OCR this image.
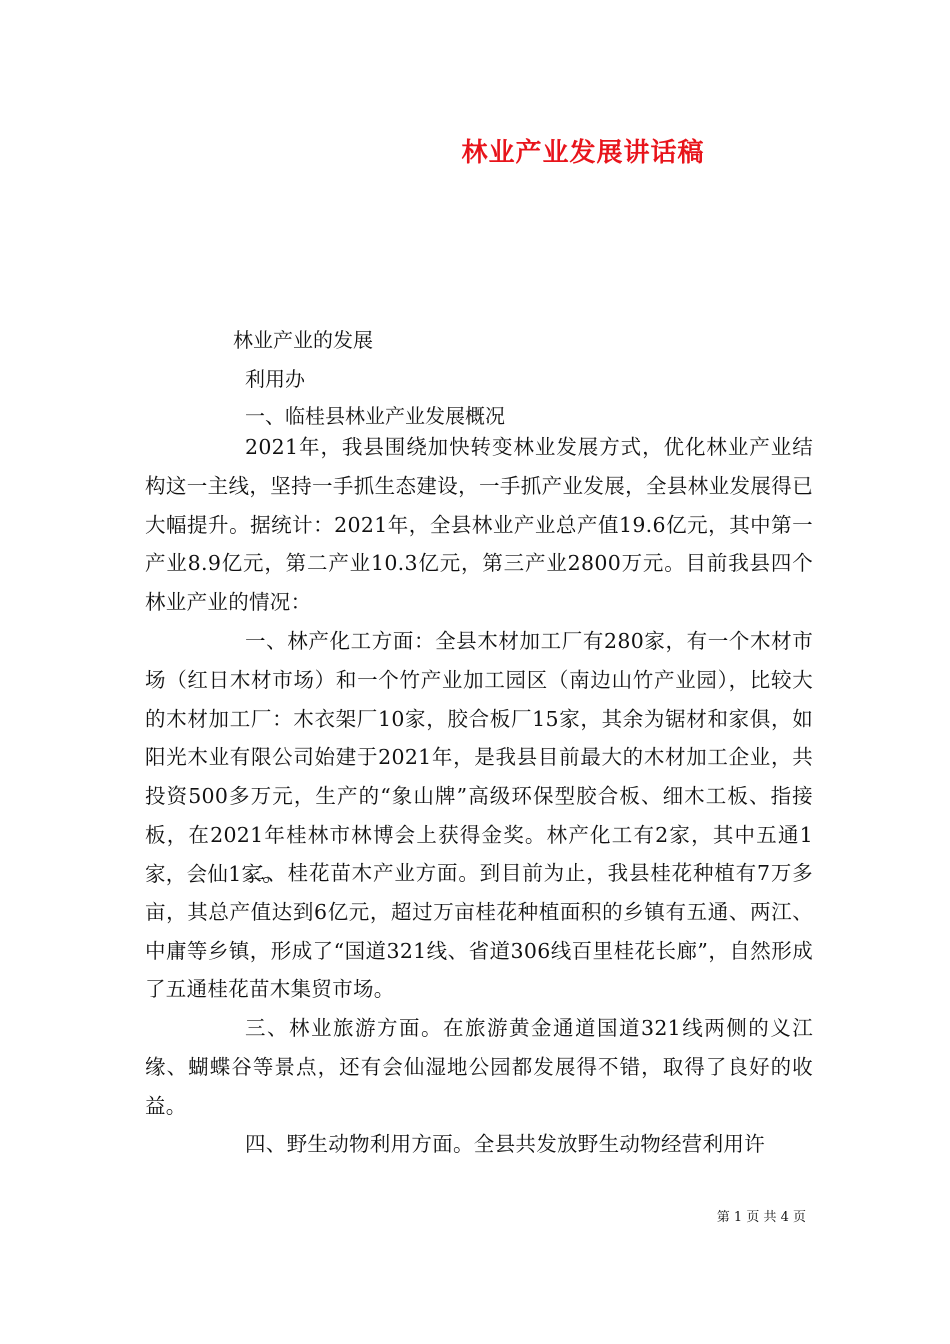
林业产业发展讲话稿
林业产业的发展
利用办
一、临桂县林业产业发展概况
2021年，我县围绕加快转变林业发展方式，优化林业产业结构这一主线，坚持一手抓生态建设，一手抓产业发展，全县林业发展得已大幅提升。据统计：2021年，全县林业产业总产值19.6亿元，其中第一产业8.9亿元，第二产业10.3亿元，第三产业2800万元。目前我县四个林业产业的情况：
一、林产化工方面：全县木材加工厂有280家，有一个木材市场（红日木材市场）和一个竹产业加工园区（南边山竹产业园），比较大的木材加工厂：木衣架厂10家，胶合板厂15家，其余为锯材和家俱，如阳光木业有限公司始建于2021年，是我县目前最大的木材加工企业，共投资500多万元，生产的“象山牌”高级环保型胶合板、细木工板、指接板，在2021年桂林市林博会上获得金奖。林产化工有2家，其中五通1家，会仙1家。
二、桂花苗木产业方面。到目前为止，我县桂花种植有7万多亩，其总产值达到6亿元，超过万亩桂花种植面积的乡镇有五通、两江、中庸等乡镇，形成了“国道321线、省道306线百里桂花长廊”，自然形成了五通桂花苗木集贸市场。
三、林业旅游方面。在旅游黄金通道国道321线两侧的义江缘、蝴蝶谷等景点，还有会仙湿地公园都发展得不错，取得了良好的收益。
四、野生动物利用方面。全县共发放野生动物经营利用许
第 1 页 共 4 页
